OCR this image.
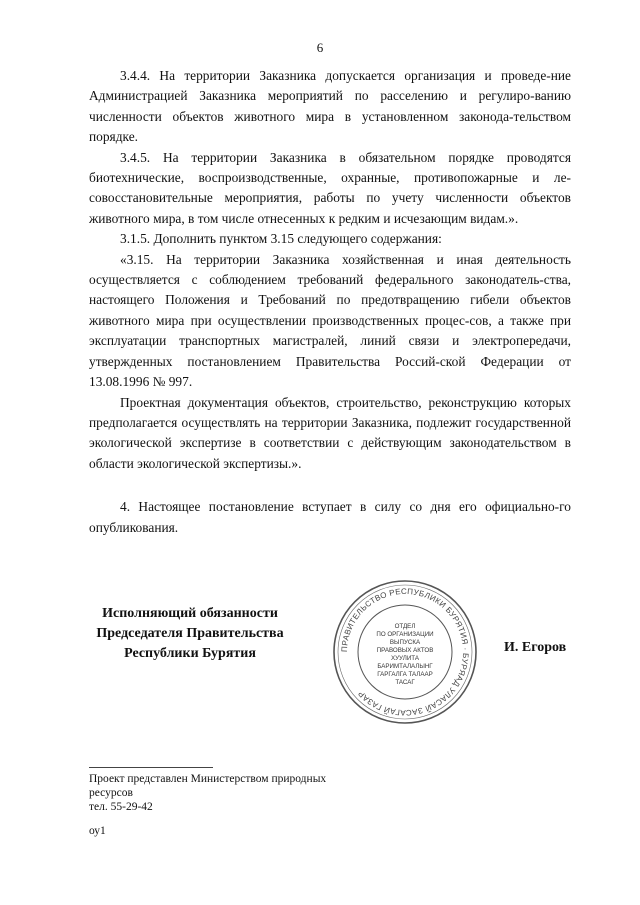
6

3.4.4. На территории Заказника допускается организация и проведе-ние Администрацией Заказника мероприятий по расселению и регулиро-ванию численности объектов животного мира в установленном законода-тельством порядке.

3.4.5. На территории Заказника в обязательном порядке проводятся биотехнические, воспроизводственные, охранные, противопожарные и ле-совосстановительные мероприятия, работы по учету численности объектов животного мира, в том числе отнесенных к редким и исчезающим видам.».

3.1.5. Дополнить пунктом 3.15 следующего содержания:

«3.15. На территории Заказника хозяйственная и иная деятельность осуществляется с соблюдением требований федерального законодатель-ства, настоящего Положения и Требований по предотвращению гибели объектов животного мира при осуществлении производственных процес-сов, а также при эксплуатации транспортных магистралей, линий связи и электропередачи, утвержденных постановлением Правительства Россий-ской Федерации от 13.08.1996 № 997.

Проектная документация объектов, строительство, реконструкцию которых предполагается осуществлять на территории Заказника, подлежит государственной экологической экспертизе в соответствии с действующим законодательством в области экологической экспертизы.».

4. Настоящее постановление вступает в силу со дня его официально-го опубликования.

Исполняющий обязанности
Председателя Правительства
Республики Бурятия	ПРАВИТЕЛЬСТВО РЕСПУБЛИКИ БУРЯТИЯ · БУРЯАД УЛАСАЙ ЗАСАГАЙ ГАЗАР
ОТДЕЛ
ПО ОРГАНИЗАЦИИ
ВЫПУСКА
ПРАВОВЫХ АКТОВ
ХУУЛИТА
БАРИМТАЛАЛЫНГ
ГАРГАЛГА ТАЛААР
ТАСАГ
И. Егоров
Проект представлен Министерством природных
ресурсов
тел. 55-29-42
оу1
